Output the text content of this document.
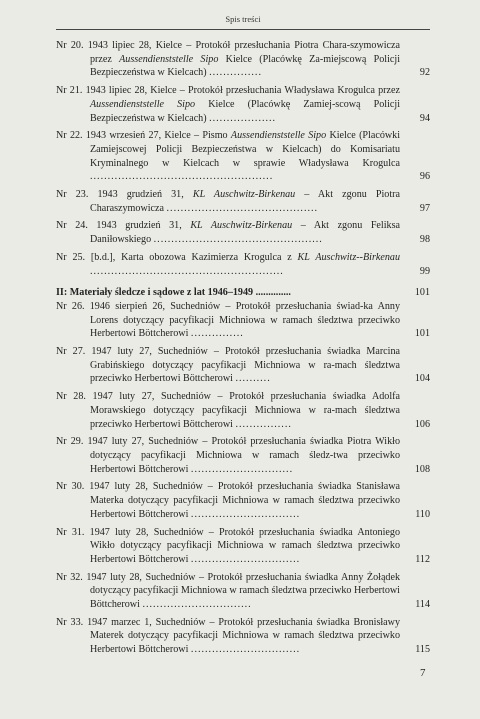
Spis treści
Nr 20. 1943 lipiec 28, Kielce – Protokół przesłuchania Piotra Chara-szymowicza przez Aussendienststelle Sipo Kielce (Placówkę Za-miejscową Policji Bezpieczeństwa w Kielcach) ...............	92
Nr 21. 1943 lipiec 28, Kielce – Protokół przesłuchania Władysława Krogulca przez Aussendienststelle Sipo Kielce (Placówkę Zamiej-scową Policji Bezpieczeństwa w Kielcach) ...................	94
Nr 22. 1943 wrzesień 27, Kielce – Pismo Aussendienststelle Sipo Kielce (Placówki Zamiejscowej Policji Bezpieczeństwa w Kielcach) do Komisariatu Kryminalnego w Kielcach w sprawie Władysława Krogulca ....................................................	96
Nr 23. 1943 grudzień 31, KL Auschwitz-Birkenau – Akt zgonu Piotra Charaszymowicza ...........................................	97
Nr 24. 1943 grudzień 31, KL Auschwitz-Birkenau – Akt zgonu Feliksa Daniłowskiego ................................................	98
Nr 25. [b.d.], Karta obozowa Kazimierza Krogulca z KL Auschwitz--Birkenau .......................................................	99
II: Materiały śledcze i sądowe z lat 1946–1949 ..............	101
Nr 26. 1946 sierpień 26, Suchedniów – Protokół przesłuchania świad-ka Anny Lorens dotyczący pacyfikacji Michniowa w ramach śledztwa przeciwko Herbertowi Böttcherowi ...............	101
Nr 27. 1947 luty 27, Suchedniów – Protokół przesłuchania świadka Marcina Grabińskiego dotyczący pacyfikacji Michniowa w ra-mach śledztwa przeciwko Herbertowi Böttcherowi ..........	104
Nr 28. 1947 luty 27, Suchedniów – Protokół przesłuchania świadka Adolfa Morawskiego dotyczący pacyfikacji Michniowa w ra-mach śledztwa przeciwko Herbertowi Böttcherowi ................	106
Nr 29. 1947 luty 27, Suchedniów – Protokół przesłuchania świadka Piotra Wikło dotyczący pacyfikacji Michniowa w ramach śledz-twa przeciwko Herbertowi Böttcherowi .............................	108
Nr 30. 1947 luty 28, Suchedniów – Protokół przesłuchania świadka Stanisława Materka dotyczący pacyfikacji Michniowa w ramach śledztwa przeciwko Herbertowi Böttcherowi ...............................	110
Nr 31. 1947 luty 28, Suchedniów – Protokół przesłuchania świadka Antoniego Wikło dotyczący pacyfikacji Michniowa w ramach śledztwa przeciwko Herbertowi Böttcherowi ...............................	112
Nr 32. 1947 luty 28, Suchedniów – Protokół przesłuchania świadka Anny Żołądek dotyczący pacyfikacji Michniowa w ramach śledztwa przeciwko Herbertowi Böttcherowi ...............................	114
Nr 33. 1947 marzec 1, Suchedniów – Protokół przesłuchania świadka Bronisławy Materek dotyczący pacyfikacji Michniowa w ramach śledztwa przeciwko Herbertowi Böttcherowi ...............................	115
7
